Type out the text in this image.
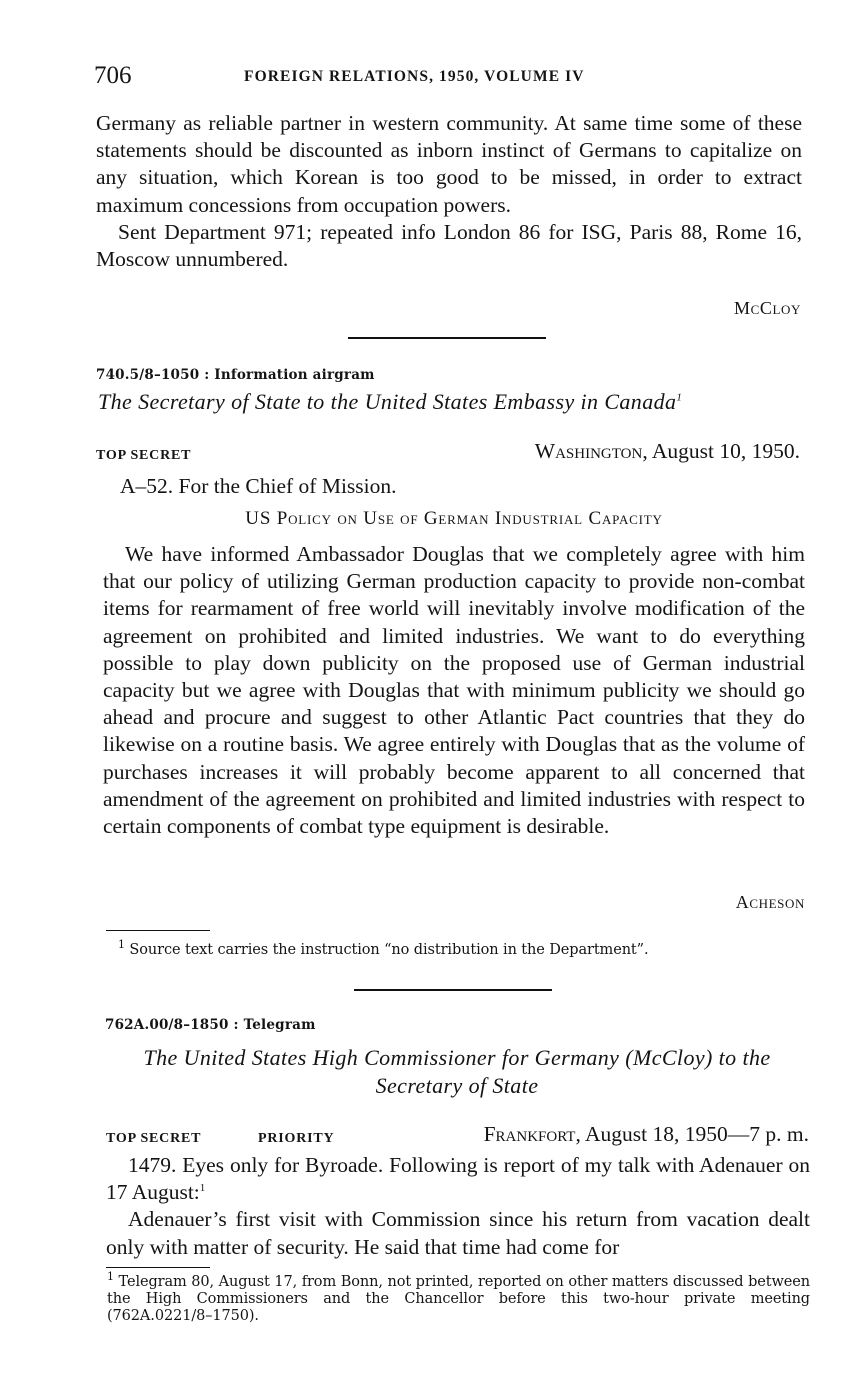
706	FOREIGN RELATIONS, 1950, VOLUME IV

Germany as reliable partner in western community. At same time some of these statements should be discounted as inborn instinct of Germans to capitalize on any situation, which Korean is too good to be missed, in order to extract maximum concessions from occupation powers.

Sent Department 971; repeated info London 86 for ISG, Paris 88, Rome 16, Moscow unnumbered.

McCloy
740.5/8–1050 : Information airgram
The Secretary of State to the United States Embassy in Canada$^1$
TOP SECRET	Washington, August 10, 1950.
A–52. For the Chief of Mission.
US Policy on Use of German Industrial Capacity

We have informed Ambassador Douglas that we completely agree with him that our policy of utilizing German production capacity to provide non-combat items for rearmament of free world will inevitably involve modification of the agreement on prohibited and limited industries. We want to do everything possible to play down publicity on the proposed use of German industrial capacity but we agree with Douglas that with minimum publicity we should go ahead and procure and suggest to other Atlantic Pact countries that they do likewise on a routine basis. We agree entirely with Douglas that as the volume of purchases increases it will probably become apparent to all concerned that amendment of the agreement on prohibited and limited industries with respect to certain components of combat type equipment is desirable.

Acheson
$^1$ Source text carries the instruction “no distribution in the Department”.
762A.00/8–1850 : Telegram
The United States High Commissioner for Germany (McCloy) to the
Secretary of State
TOP SECRET	PRIORITY	Frankfort, August 18, 1950—7 p. m.

1479. Eyes only for Byroade. Following is report of my talk with Adenauer on 17 August:$^1$

Adenauer’s first visit with Commission since his return from vacation dealt only with matter of security. He said that time had come for

$^1$ Telegram 80, August 17, from Bonn, not printed, reported on other matters discussed between the High Commissioners and the Chancellor before this two-hour private meeting (762A.0221/8–1750).
